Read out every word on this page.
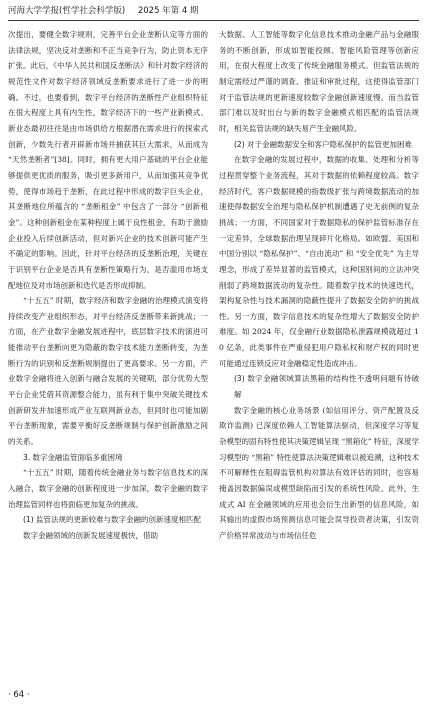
河海大学学报(哲学社会科学版) 2025 年第 4 期

次提出，要健全数字规则，完善平台企业垄断认定等方面的法律法规，坚决反对垄断和不正当竞争行为，防止资本无序扩张。此后，《中华人民共和国反垄断法》和针对数字经济的规范性文件对数字经济领域反垄断要求进行了进一步的明确。不过，也要看到，数字平台经济的垄断性产业组织特征在很大程度上具有内生性，数字经济下的一些产业新模式、新业态最初往往是由市场供给方根据潜在需求进行的探索式创新，少数先行者开辟新市场并捕获其巨大需求，从而成为 “天然垄断者”[38]。同时，拥有更大用户基础的平台企业能够提供更优质的服务，吸引更多新用户，从而加强其竞争优势，使得市场趋于垄断，在此过程中形成的数字巨头企业，其垄断地位所蕴含的 “垄断租金” 中包含了一部分 “创新租金”。这种创新租金在某种程度上属于良性租金，有助于激励企业投入后续创新活动，但对新兴企业的技术创新可能产生不确定的影响。因此，针对平台经济的反垄断治理，关键在于识别平台企业是否具有垄断性策略行为，是否滥用市场支配地位及对市场创新和迭代是否形成抑制。

“十五五” 时期，数字经济和数字金融的治理模式演变将持续改变产业组织形态，对平台经济反垄断带来新挑战；一方面，在产业数字金融发展进程中，底层数字技术的演进可能推动平台垄断向更为隐蔽的数字技术能力垄断转变，为垄断行为的识别和反垄断规制提出了更高要求。另一方面，产业数字金融将进入创新与融合发展的关键期，部分优势大型平台企业凭借其资源整合能力，虽有利于集中突破关键技术创新研发并加速形成产业互联网新业态，但同时也可能加剧平台垄断现象，需要平衡好反垄断规制与保护创新激励之间的关系。

3. 数字金融监管面临多重困境

“十五五” 时期，随着传统金融业务与数字信息技术的深入融合，数字金融的创新程度进一步加深，数字金融的数字治理监管同样也将面临更加复杂的挑战。

(1) 监管法规的更新较难与数字金融的创新速度相匹配

数字金融领域的创新发展速度极快，借助

大数据、人工智能等数字化信息技术推动金融产品与金融服务的不断创新，形成如智能投顾、智能风险管理等创新应用，在很大程度上改变了传统金融服务模式。但监管法规的制定需经过严谨的调查、推证和审批过程，这使得监管部门对于监管法规的更新速度较数字金融创新速度慢。而当监管部门难以及时出台与新的数字金融模式相匹配的监管法规时，相关监管法规的缺失易产生金融风险。

(2) 对于金融数据安全和客户隐私保护的监管更加困难

在数字金融的发展过程中，数据的收集、处理和分析等过程贯穿整个业务流程，其对于数据的依赖程度较高。数字经济时代，客户数据规模的指数级扩张与跨境数据流动的加速使得数据安全治理与隐私保护机制遭遇了史无前例的复杂挑战；一方面，不同国家对于数据隐私的保护监管标准存在一定差异，全球数据治理呈现碎片化格局。如欧盟、美国和中国分别以 “隐私保护”、“自由流动” 和 “安全优先” 为主导理念，形成了差异显著的监管模式，这种国别间的立法冲突削弱了跨境数据流动的复杂性。随着数字技术的快速迭代，架构复杂性与技术漏洞的隐蔽性提升了数据安全防护的挑战性。另一方面，数字信息技术的复杂性增大了数据安全防护难度。如 2024 年，仅金融行业数据隐私泄露规模就超过 10 亿条，此类事件在严重侵犯用户隐私权和财产权的同时更可能通过连锁反应对金融稳定性造成冲击。

(3) 数字金融领域算法黑箱的结构性不透明问题有待破解

数字金融的核心业务场景 (如信用评分、资产配置及反欺诈监测) 已深度依赖人工智能算法驱动，但深度学习等复杂模型的固有特性使其决策逻辑呈现 “黑箱化” 特征，深度学习模型的 “黑箱” 特性使算法决策逻辑难以被追溯，这种技术不可解释性在阻碍监管机构对算法有效评估的同时，也容易掩盖因数据偏误或模型缺陷而引发的系统性风险。此外，生成式 AI 在金融领域的应用也会衍生出新型的信息风险，如其输出的虚假市场预测信息可能会误导投资者决策，引发资产价格异常波动与市场信任危

· 64 ·
